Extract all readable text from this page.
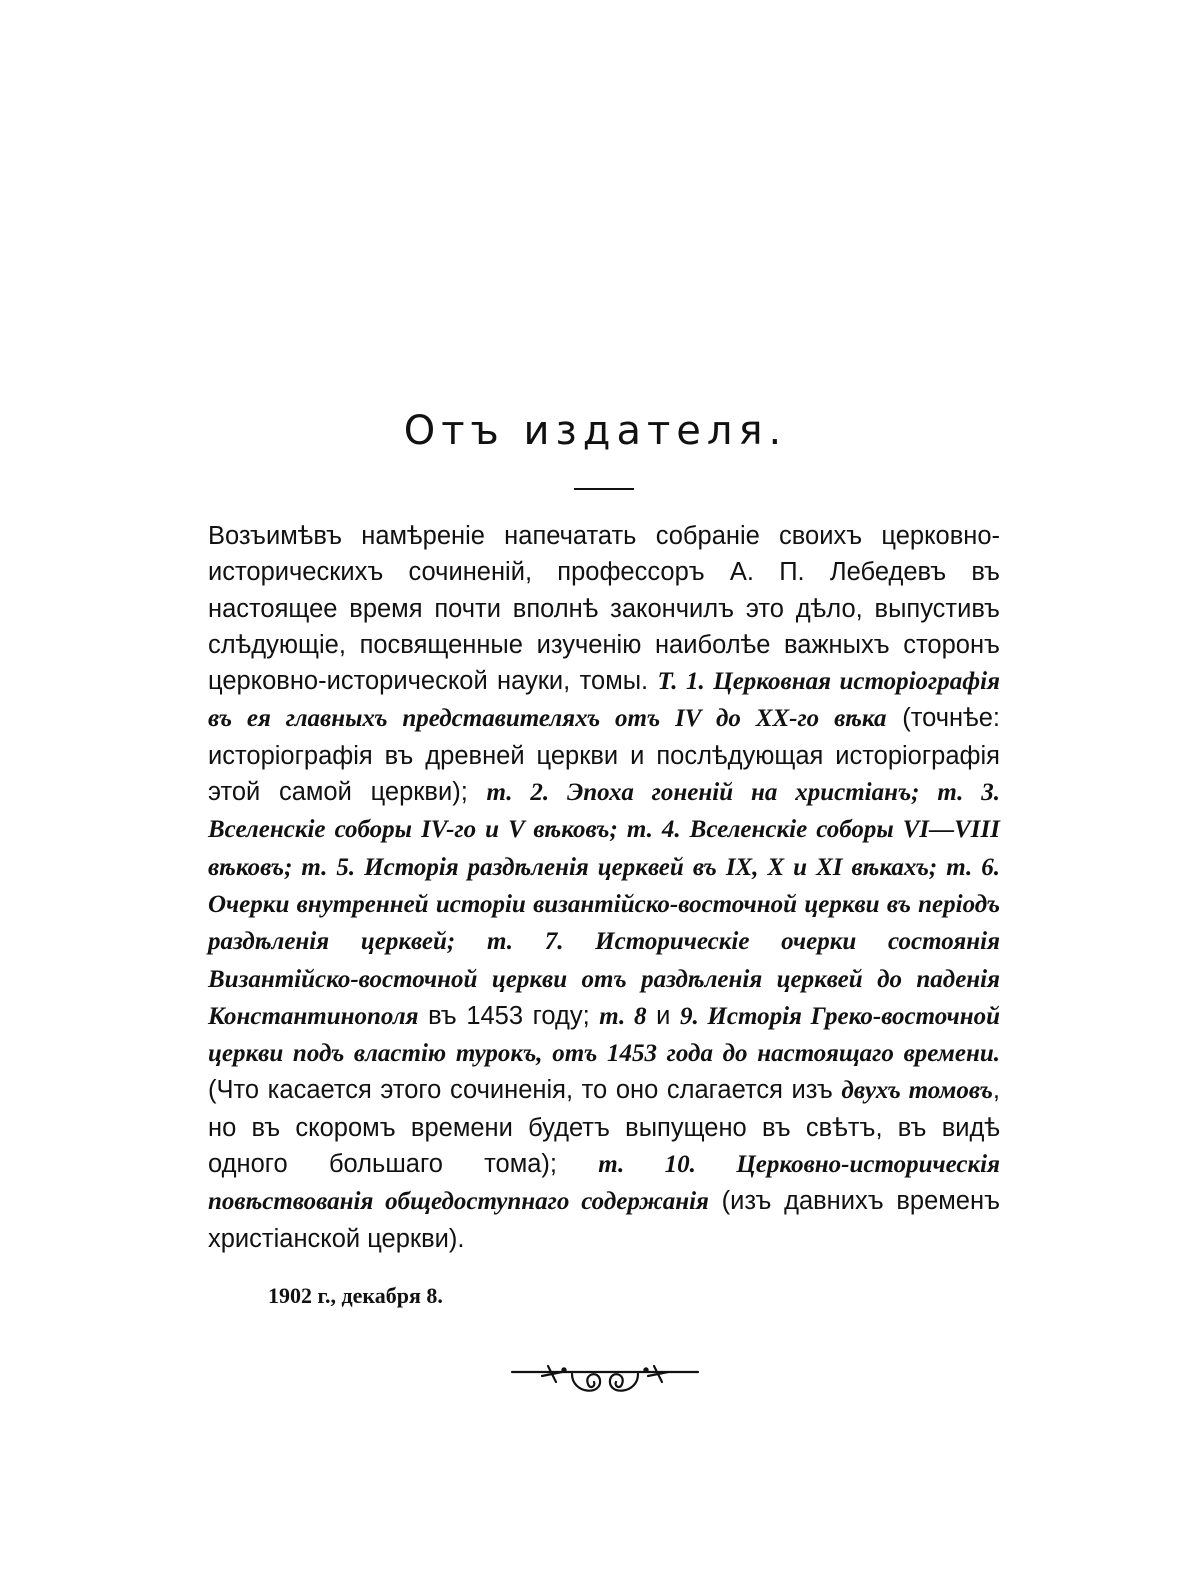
Отъ издателя.

Возъимѣвъ намѣреніе напечатать собраніе своихъ церковно-историческихъ сочиненій, профессоръ А. П. Лебедевъ въ настоящее время почти вполнѣ закончилъ это дѣло, выпустивъ слѣдующіе, посвященные изученію наиболѣе важныхъ сторонъ церковно-исторической науки, томы. Т. 1. Церковная исторіографія въ ея главныхъ представителяхъ отъ IV до XX-го вѣка (точнѣе: исторіографія въ древней церкви и послѣдующая исторіографія этой самой церкви); т. 2. Эпоха гоненій на христіанъ; т. 3. Вселенскіе соборы IV-го и V вѣковъ; т. 4. Вселенскіе соборы VI—VIII вѣковъ; т. 5. Исторія раздѣленія церквей въ IX, X и XI вѣкахъ; т. 6. Очерки внутренней исторіи византійско-восточной церкви въ періодъ раздѣленія церквей; т. 7. Историческіе очерки состоянія Византійско-восточной церкви отъ раздѣленія церквей до паденія Константинополя въ 1453 году; т. 8 и 9. Исторія Греко-восточной церкви подъ властію турокъ, отъ 1453 года до настоящаго времени. (Что касается этого сочиненія, то оно слагается изъ двухъ томовъ, но въ скоромъ времени будетъ выпущено въ свѣтъ, въ видѣ одного большаго тома); т. 10. Церковно-историческія повѣствованія общедоступнаго содержанія (изъ давнихъ временъ христіанской церкви).

1902 г., декабря 8.
